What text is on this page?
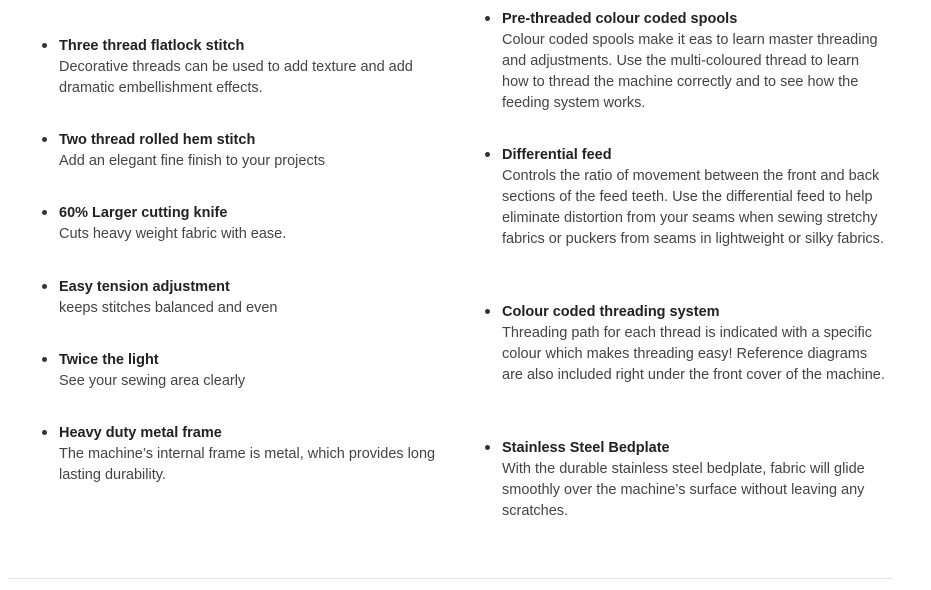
Three thread flatlock stitch

Decorative threads can be used to add texture and add dramatic embellishment effects.

Two thread rolled hem stitch

Add an elegant fine finish to your projects

60% Larger cutting knife

Cuts heavy weight fabric with ease.

Easy tension adjustment

keeps stitches balanced and even

Twice the light

See your sewing area clearly

Heavy duty metal frame

The machine’s internal frame is metal, which provides long lasting durability.

Pre-threaded colour coded spools

Colour coded spools make it eas to learn master threading and adjustments. Use the multi-coloured thread to learn how to thread the machine correctly and to see how the feeding system works.

Differential feed

Controls the ratio of movement between the front and back sections of the feed teeth. Use the differential feed to help eliminate distortion from your seams when sewing stretchy fabrics or puckers from seams in lightweight or silky fabrics.

Colour coded threading system

Threading path for each thread is indicated with a specific colour which makes threading easy! Reference diagrams are also included right under the front cover of the machine.

Stainless Steel Bedplate

With the durable stainless steel bedplate, fabric will glide smoothly over the machine’s surface without leaving any scratches.
